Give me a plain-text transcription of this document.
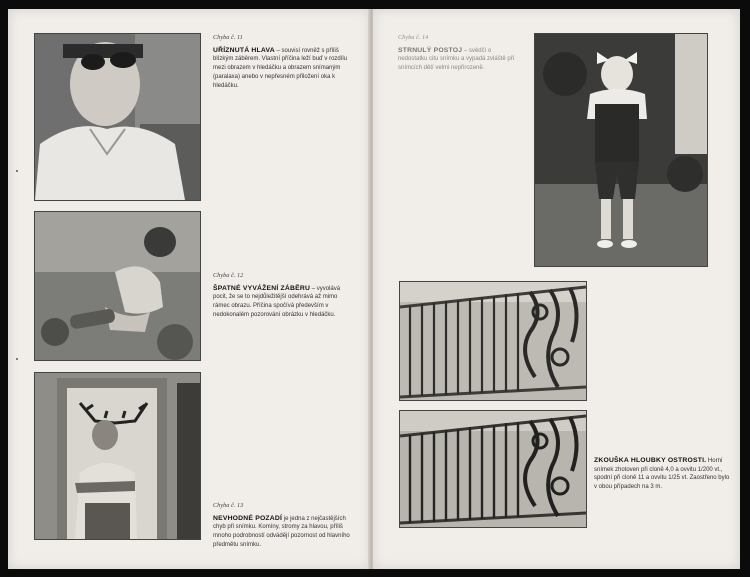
Chyba č. 11
UŘÍZNUTÁ HLAVA – souvisí rovněž s příliš blízkým záběrem. Vlastní příčina leží buď v rozdílu mezi obrazem v hledáčku a obrazem snímaným (paralaxa) anebo v nepřesném přiložení oka k hledáčku.
Chyba č. 12
ŠPATNÉ VYVÁŽENÍ ZÁBĚRU – vyvolává pocit, že se to nejdůležitější odehrává až mimo rámec obrazu. Příčina spočívá především v nedokonalém pozorování obrázku v hledáčku.
Chyba č. 13
NEVHODNÉ POZADÍ je jedna z nejčastějších chyb při snímku. Komíny, stromy za hlavou, příliš mnoho podrobností odvádějí pozornost od hlavního předmětu snímku.
Chyba č. 14
STRNULÝ POSTOJ – svědčí o nedostatku citu snímku a vypadá zvláště při snímcích dětí velmi nepřirozeně.
ZKOUŠKA HLOUBKY OSTROSTI. Horní snímek zhotoven při cloně 4,0 a ovvitu 1/200 vt., spodní při cloně 11 a ovvitu 1/25 vt. Zaostřeno bylo v obou případech na 3 m.
